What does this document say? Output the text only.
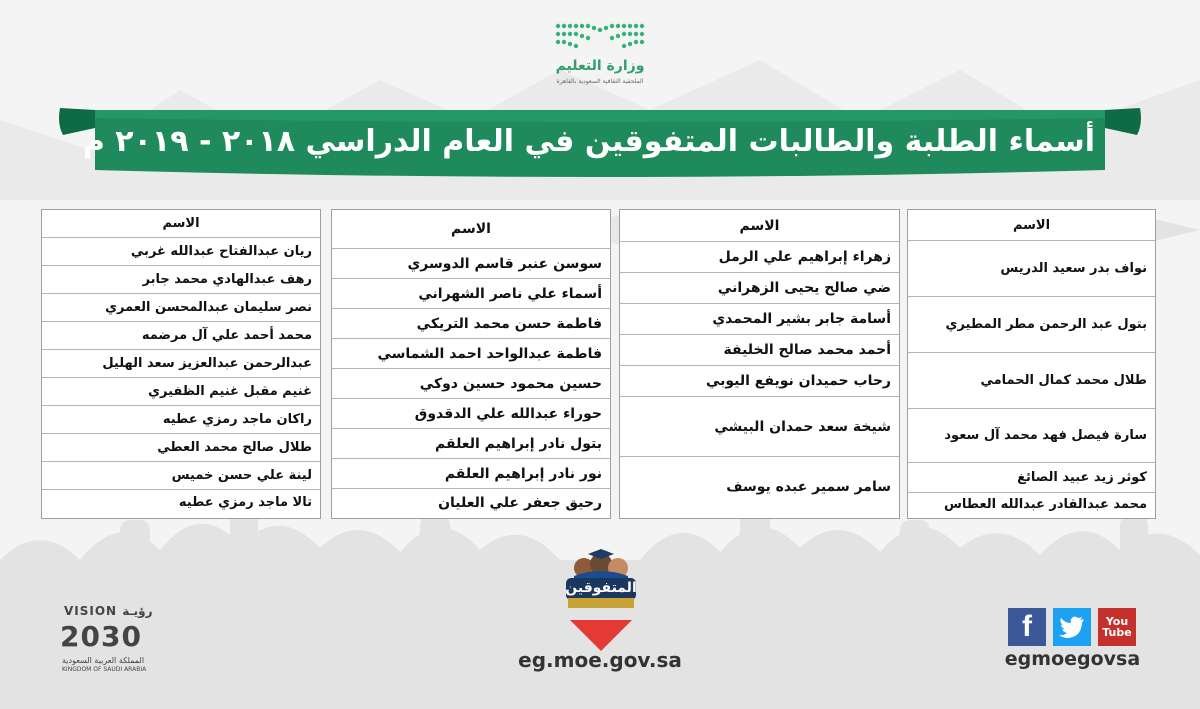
وزارة التعليم
الملحقية الثقافية السعودية بالقاهرة
أسماء الطلبة والطالبات المتفوقين في العام الدراسي ٢٠١٨ - ٢٠١٩ م
الاسم
نواف بدر سعيد الدريس
بتول عبد الرحمن مطر المطيري
طلال محمد كمال الحمامي
سارة فيصل فهد محمد آل سعود
كوثر زيد عبيد الصائغ
محمد عبدالقادر عبدالله العطاس
الاسم
زهراء إبراهيم علي الرمل
ضي صالح يحيى الزهراني
أسامة جابر بشير المحمدي
أحمد محمد صالح الخليفة
رحاب حميدان نويفع اليوبي
شيخة سعد حمدان البيشي
سامر سمير عبده يوسف
الاسم
سوسن عنبر قاسم الدوسري
أسماء علي ناصر الشهراني
فاطمة حسن محمد التريكي
فاطمة عبدالواحد احمد الشماسي
حسين محمود حسين دوكي
حوراء عبدالله علي الدقدوق
بتول نادر إبراهيم العلقم
نور نادر إبراهيم العلقم
رحيق جعفر علي العليان
الاسم
ريان عبدالفتاح عبدالله غربي
رهف عبدالهادي محمد جابر
نصر سليمان عبدالمحسن العمري
محمد أحمد علي آل مرضمه
عبدالرحمن عبدالعزيز سعد الهليل
غنيم مقبل غنيم الظفيري
راكان ماجد رمزي عطيه
طلال صالح محمد العطي
لينة علي حسن خميس
تالا ماجد رمزي عطيه
VISION رؤيـة
2030
المملكة العربية السعودية
KINGDOM OF SAUDI ARABIA
المتفوقين
eg.moe.gov.sa
f	You
Tube
egmoegovsa
